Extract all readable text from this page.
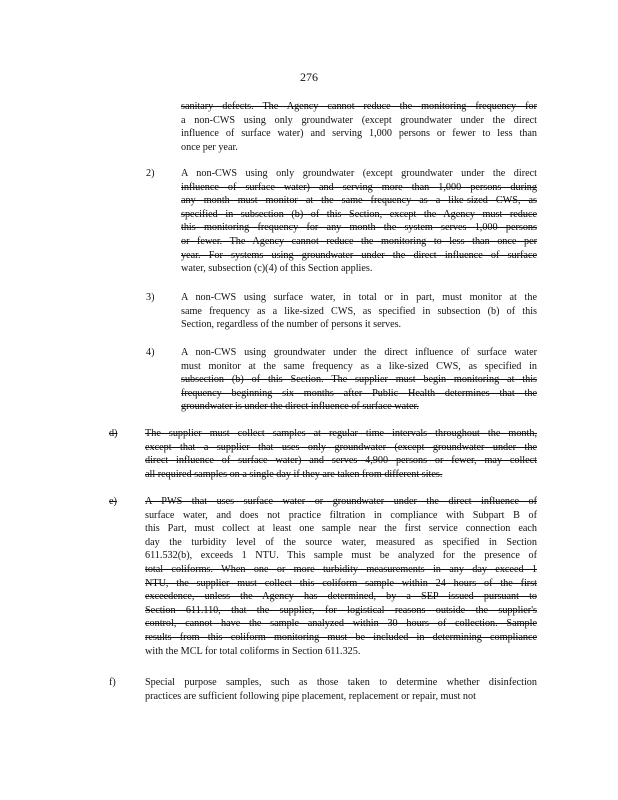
276
sanitary defects. The Agency cannot reduce the monitoring frequency for
a non-CWS using only groundwater (except groundwater under the direct
influence of surface water) and serving 1,000 persons or fewer to less than
once per year.
2)	A non-CWS using only groundwater (except groundwater under the direct
influence of surface water) and serving more than 1,000 persons during
any month must monitor at the same frequency as a like-sized CWS, as
specified in subsection (b) of this Section, except the Agency must reduce
this monitoring frequency for any month the system serves 1,000 persons
or fewer. The Agency cannot reduce the monitoring to less than once per
year. For systems using groundwater under the direct influence of surface
water, subsection (c)(4) of this Section applies.
3)	A non-CWS using surface water, in total or in part, must monitor at the
same frequency as a like-sized CWS, as specified in subsection (b) of this
Section, regardless of the number of persons it serves.
4)	A non-CWS using groundwater under the direct influence of surface water
must monitor at the same frequency as a like-sized CWS, as specified in
subsection (b) of this Section. The supplier must begin monitoring at this
frequency beginning six months after Public Health determines that the
groundwater is under the direct influence of surface water.
d)	The supplier must collect samples at regular time intervals throughout the month,
except that a supplier that uses only groundwater (except groundwater under the
direct influence of surface water) and serves 4,900 persons or fewer, may collect
all required samples on a single day if they are taken from different sites.
e)	A PWS that uses surface water or groundwater under the direct influence of
surface water, and does not practice filtration in compliance with Subpart B of
this Part, must collect at least one sample near the first service connection each
day the turbidity level of the source water, measured as specified in Section
611.532(b), exceeds 1 NTU. This sample must be analyzed for the presence of
total coliforms. When one or more turbidity measurements in any day exceed 1
NTU, the supplier must collect this coliform sample within 24 hours of the first
exceedence, unless the Agency has determined, by a SEP issued pursuant to
Section 611.110, that the supplier, for logistical reasons outside the supplier's
control, cannot have the sample analyzed within 30 hours of collection. Sample
results from this coliform monitoring must be included in determining compliance
with the MCL for total coliforms in Section 611.325.
f)	Special purpose samples, such as those taken to determine whether disinfection
practices are sufficient following pipe placement, replacement or repair, must not
